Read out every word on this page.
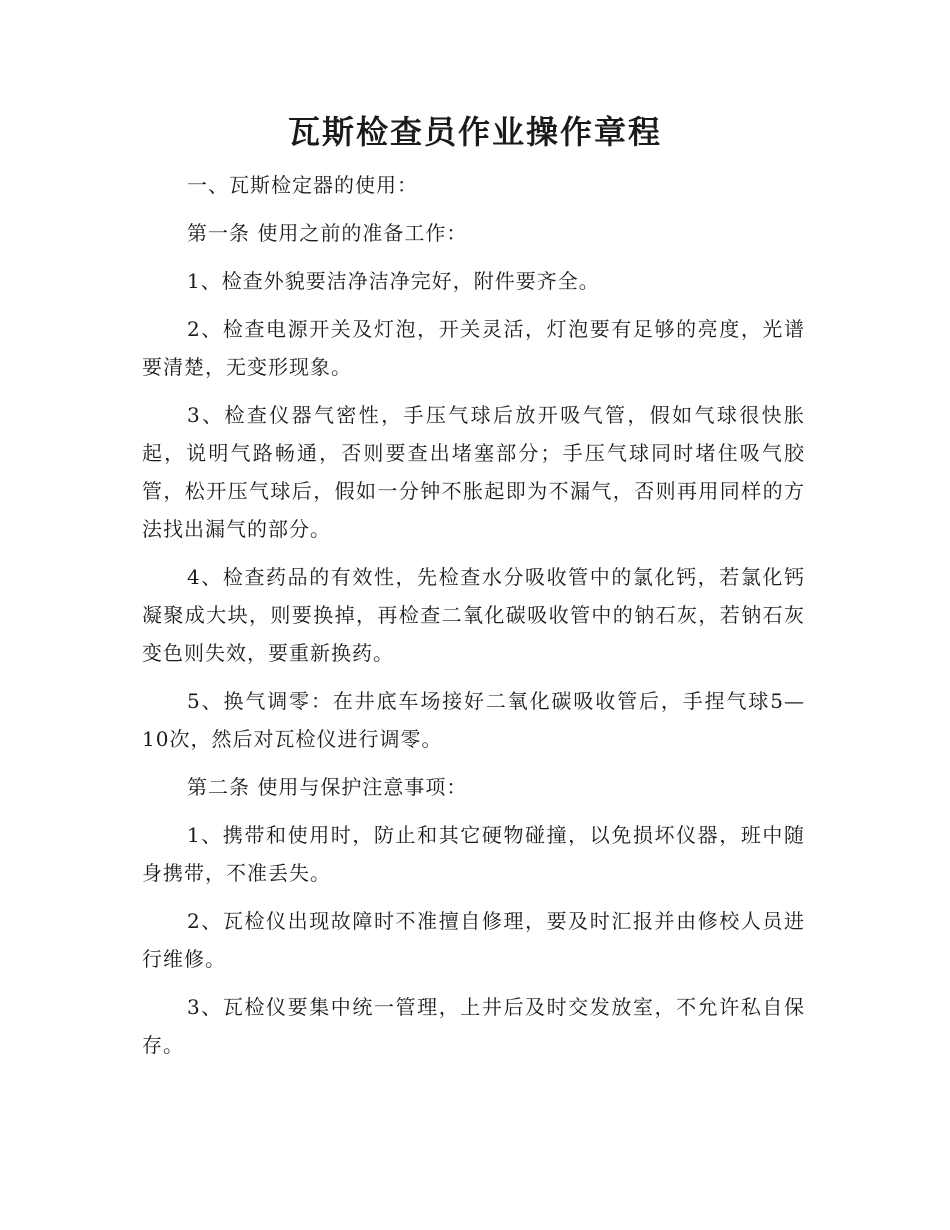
瓦斯检查员作业操作章程

一、瓦斯检定器的使用：

第一条 使用之前的准备工作：

1、检查外貌要洁净洁净完好，附件要齐全。

2、检查电源开关及灯泡，开关灵活，灯泡要有足够的亮度，光谱要清楚，无变形现象。

3、检查仪器气密性，手压气球后放开吸气管，假如气球很快胀起，说明气路畅通，否则要查出堵塞部分；手压气球同时堵住吸气胶管，松开压气球后，假如一分钟不胀起即为不漏气，否则再用同样的方法找出漏气的部分。

4、检查药品的有效性，先检查水分吸收管中的氯化钙，若氯化钙凝聚成大块，则要换掉，再检查二氧化碳吸收管中的钠石灰，若钠石灰变色则失效，要重新换药。

5、换气调零：在井底车场接好二氧化碳吸收管后，手捏气球5—10次，然后对瓦检仪进行调零。

第二条 使用与保护注意事项：

1、携带和使用时，防止和其它硬物碰撞，以免损坏仪器，班中随身携带，不准丢失。

2、瓦检仪出现故障时不准擅自修理，要及时汇报并由修校人员进行维修。

3、瓦检仪要集中统一管理，上井后及时交发放室，不允许私自保存。
